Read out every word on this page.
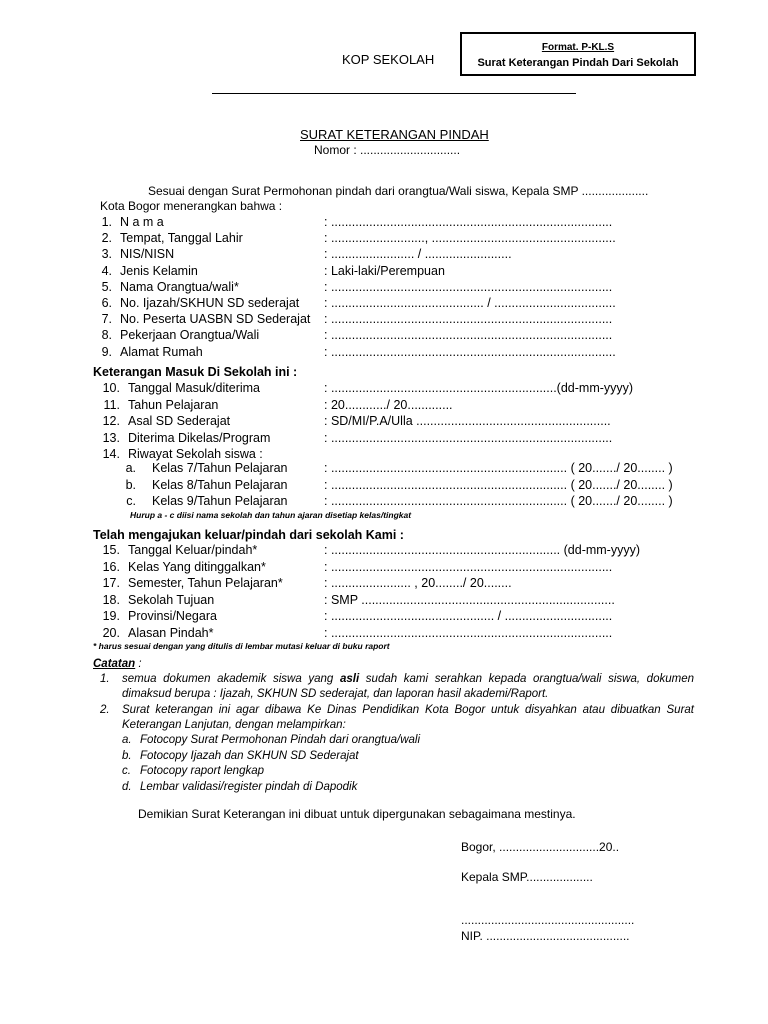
KOP SEKOLAH
Format. P-KL.S
Surat Keterangan Pindah Dari Sekolah
SURAT KETERANGAN PINDAH
Nomor : ..............................
Sesuai dengan Surat Permohonan pindah dari orangtua/Wali siswa, Kepala SMP ....................
Kota Bogor menerangkan bahwa :
1. N a m a	: .................................................................................
2. Tempat, Tanggal Lahir	: ..........................., .....................................................
3. NIS/NISN	: ........................ / .........................
4. Jenis Kelamin	: Laki-laki/Perempuan
5. Nama Orangtua/wali*	: .................................................................................
6. No. Ijazah/SKHUN SD sederajat : ............................................ / ...................................
7. No. Peserta UASBN SD Sederajat : .................................................................................
8. Pekerjaan Orangtua/Wali	: .................................................................................
9. Alamat Rumah	: ..................................................................................
Keterangan Masuk Di Sekolah ini :
10. Tanggal Masuk/diterima	: .................................................................(dd-mm-yyyy)
11. Tahun Pelajaran	: 20............/ 20.............
12. Asal SD Sederajat	: SD/MI/P.A/Ulla ........................................................
13. Diterima Dikelas/Program	: .................................................................................
14. Riwayat Sekolah siswa :
a. Kelas 7/Tahun Pelajaran	: .................................................................... ( 20......./ 20........ )
b. Kelas 8/Tahun Pelajaran	: .................................................................... ( 20......./ 20........ )
c. Kelas 9/Tahun Pelajaran	: .................................................................... ( 20......./ 20........ )
Hurup a - c diisi nama sekolah dan tahun ajaran disetiap kelas/tingkat
Telah mengajukan keluar/pindah dari sekolah Kami :
15. Tanggal Keluar/pindah*	: .................................................................. (dd-mm-yyyy)
16. Kelas Yang ditinggalkan*	: .................................................................................
17. Semester, Tahun Pelajaran*	: ....................... , 20......../ 20........
18. Sekolah Tujuan	: SMP .........................................................................
19. Provinsi/Negara	: ............................................... / ...............................
20. Alasan Pindah*	: .................................................................................
* harus sesuai dengan yang ditulis di lembar mutasi keluar di buku raport
Catatan :
1. semua dokumen akademik siswa yang asli sudah kami serahkan kepada orangtua/wali siswa, dokumen
dimaksud berupa : Ijazah, SKHUN SD sederajat, dan laporan hasil akademi/Raport.
2. Surat keterangan ini agar dibawa Ke Dinas Pendidikan Kota Bogor untuk disyahkan atau dibuatkan Surat
Keterangan Lanjutan, dengan melampirkan:
a. Fotocopy Surat Permohonan Pindah dari orangtua/wali
b. Fotocopy Ijazah dan SKHUN SD Sederajat
c. Fotocopy raport lengkap
d. Lembar validasi/register pindah di Dapodik
Demikian Surat Keterangan ini dibuat untuk dipergunakan sebagaimana mestinya.
Bogor, ..............................20..
Kepala SMP....................
....................................................
NIP. ...........................................
